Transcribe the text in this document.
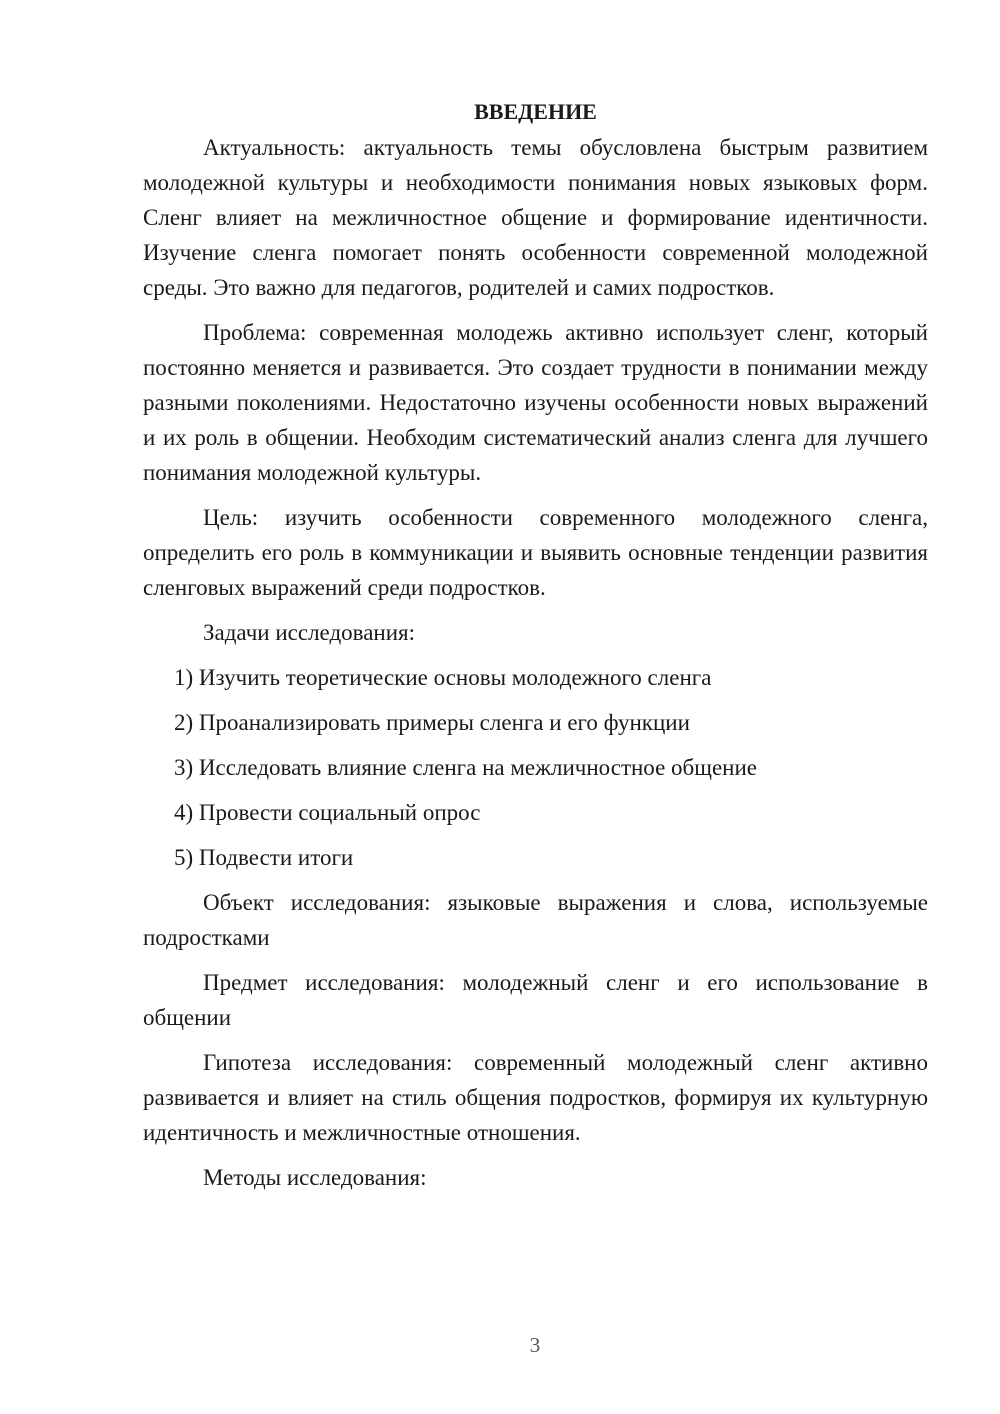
ВВЕДЕНИЕ

Актуальность: актуальность темы обусловлена быстрым развитием молодежной культуры и необходимости понимания новых языковых форм. Сленг влияет на межличностное общение и формирование идентичности. Изучение сленга помогает понять особенности современной молодежной среды. Это важно для педагогов, родителей и самих подростков.

Проблема: современная молодежь активно использует сленг, который постоянно меняется и развивается. Это создает трудности в понимании между разными поколениями. Недостаточно изучены особенности новых выражений и их роль в общении. Необходим систематический анализ сленга для лучшего понимания молодежной культуры.

Цель: изучить особенности современного молодежного сленга, определить его роль в коммуникации и выявить основные тенденции развития сленговых выражений среди подростков.

Задачи исследования:

1) Изучить теоретические основы молодежного сленга
2) Проанализировать примеры сленга и его функции
3) Исследовать влияние сленга на межличностное общение
4) Провести социальный опрос
5) Подвести итоги

Объект исследования: языковые выражения и слова, используемые подростками

Предмет исследования: молодежный сленг и его использование в общении

Гипотеза исследования: современный молодежный сленг активно развивается и влияет на стиль общения подростков, формируя их культурную идентичность и межличностные отношения.

Методы исследования:

3
